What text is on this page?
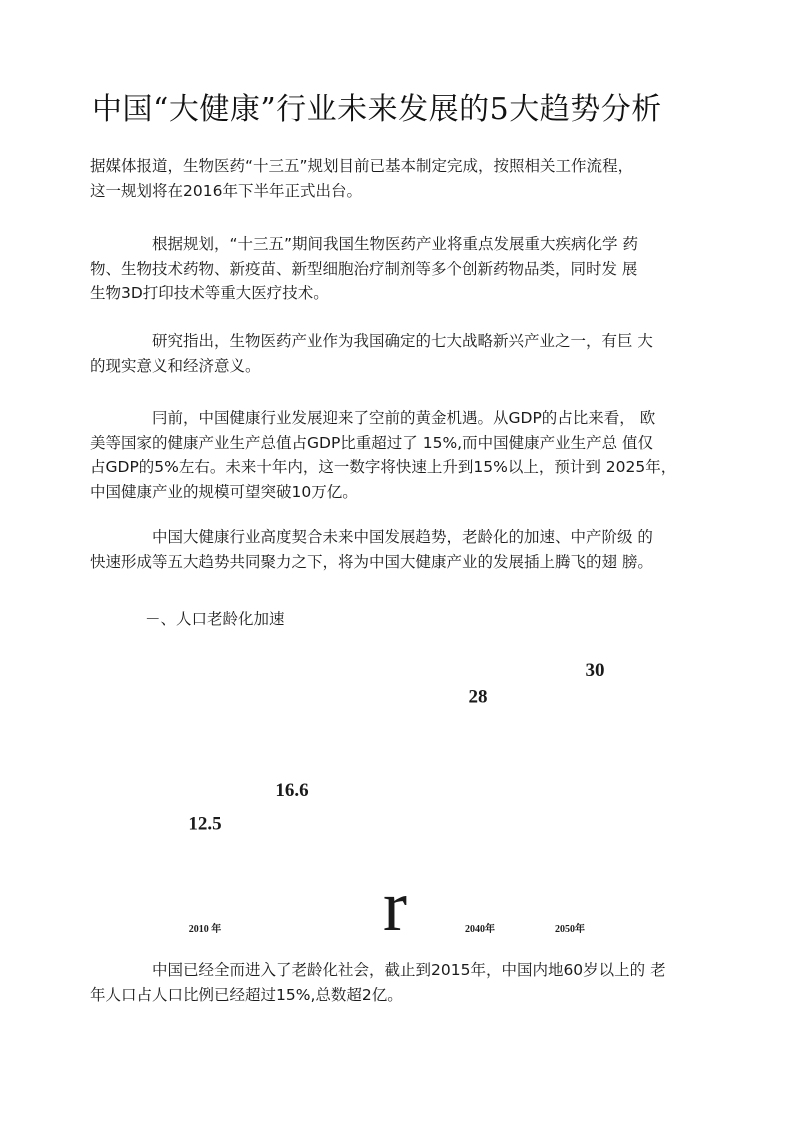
中国“大健康”行业未来发展的5大趋势分析

据媒体报道，生物医药“十三五”规划目前已基本制定完成，按照相关工作流程，
这一规划将在2016年下半年正式出台。

根据规划，“十三五”期间我国生物医药产业将重点发展重大疾病化学 药
物、生物技术药物、新疫苗、新型细胞治疗制剂等多个创新药物品类，同时发 展
生物3D打印技术等重大医疗技术。

研究指出，生物医药产业作为我国确定的七大战略新兴产业之一，有巨 大
的现实意义和经济意义。

冃前，中国健康行业发展迎来了空前的黄金机遇。从GDP的占比来看， 欧
美等国家的健康产业生产总值占GDP比重超过了 15%,而中国健康产业生产总 值仅
占GDP的5%左右。未来十年内，这一数字将快速上升到15%以上，预计到 2025年，
中国健康产业的规模可望突破10万亿。

中国大健康行业高度契合未来中国发展趋势，老龄化的加速、中产阶级 的
快速形成等五大趋势共同聚力之下，将为中国大健康产业的发展插上腾飞的翅 膀。

－、人口老龄化加速

12.5
16.6
28
30
2010 年	2040年	2050年
r

中国已经全而进入了老龄化社会，截止到2015年，中国内地60岁以上的 老
年人口占人口比例已经超过15%,总数超2亿。
